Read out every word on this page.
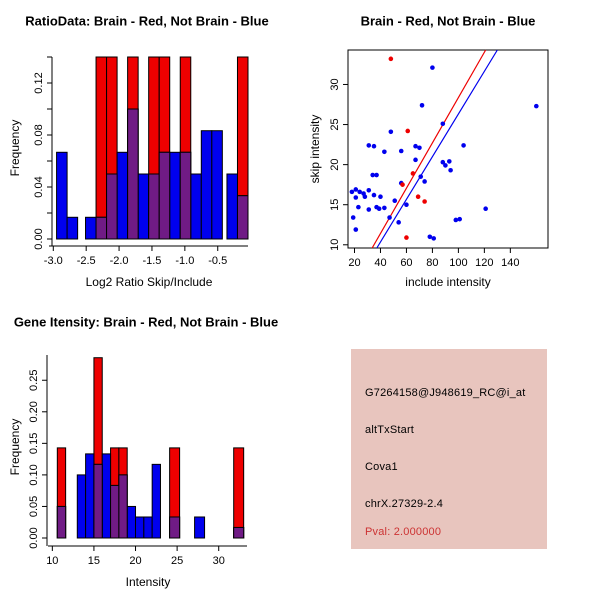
-3.0 -2.5 -2.0 -1.5 -1.0 -0.5
0.00
0.04
0.08
0.12
20 40 60 80 100 120 140
10
15
20
25
30
10	15	20	25	30
0.00
0.05
0.10
0.15
0.20
0.25
RatioData: Brain - Red, Not Brain - Blue	Brain - Red, Not Brain - Blue
Gene Itensity: Brain - Red, Not Brain - Blue
Log2 Ratio Skip/Include
Frequency
include intensity
skip intensity
Intensity
Frequency
G7264158@J948619_RC@i_at
altTxStart
Cova1
chrX.27329-2.4
Pval: 2.000000
